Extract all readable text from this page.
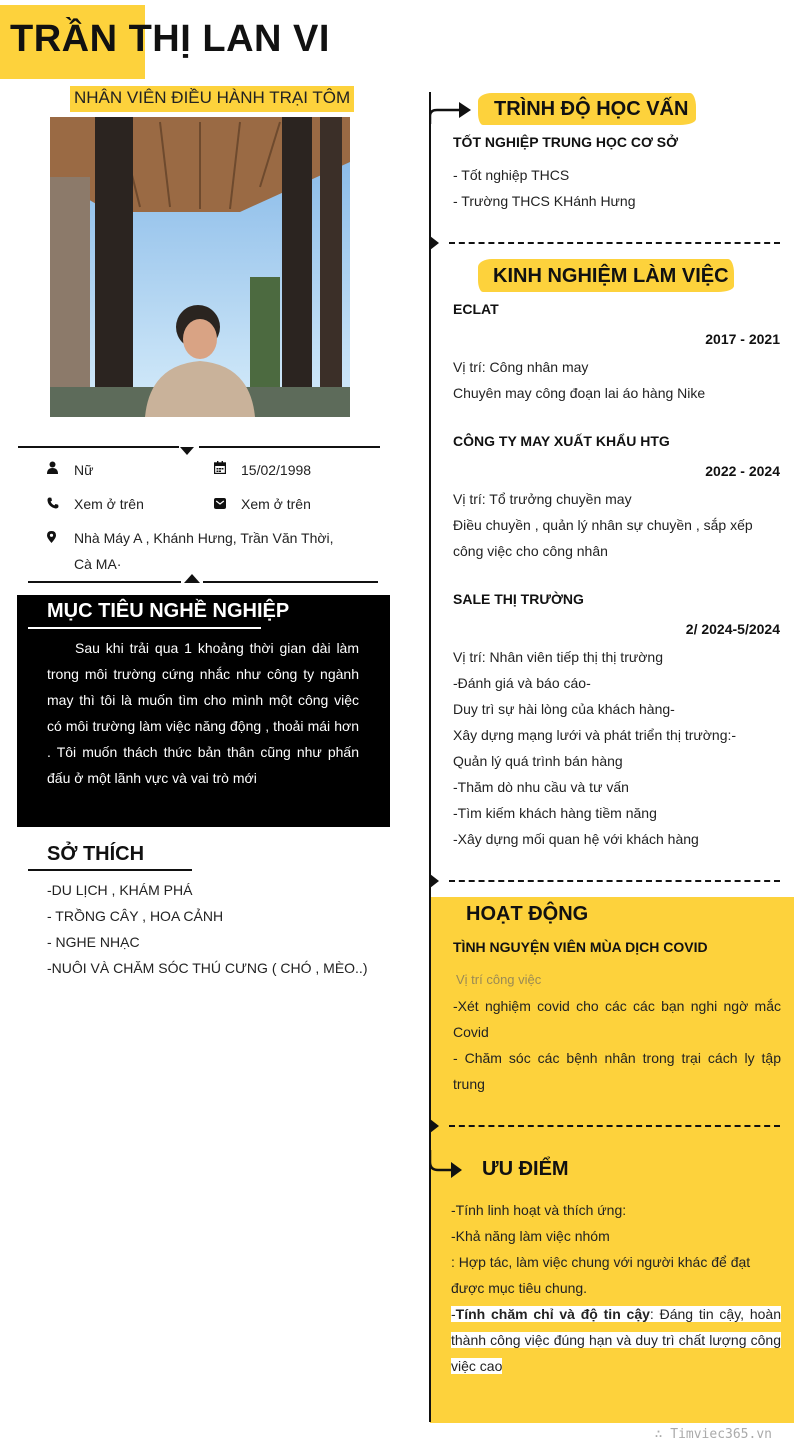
TRẦN THỊ LAN VI
NHÂN VIÊN ĐIỀU HÀNH TRẠI TÔM
Nữ	15/02/1998
Xem ở trên	Xem ở trên
Nhà Máy A , Khánh Hưng, Trần Văn Thời,
Cà MA·
MỤC TIÊU NGHỀ NGHIỆP
Sau khi trải qua 1 khoảng thời gian dài làm trong môi trường cứng nhắc như công ty ngành may thì tôi là muốn tìm cho mình một công việc có môi trường làm việc năng động , thoải mái hơn . Tôi muốn thách thức bản thân cũng như phấn đấu ở một lãnh vực và vai trò mới
SỞ THÍCH
-DU LỊCH , KHÁM PHÁ
- TRỒNG CÂY , HOA CẢNH
- NGHE NHẠC
-NUÔI VÀ CHĂM SÓC THÚ CƯNG ( CHÓ , MÈO..)
TRÌNH ĐỘ HỌC VẤN
TỐT NGHIỆP TRUNG HỌC CƠ SỞ
- Tốt nghiệp THCS
- Trường THCS KHánh Hưng
KINH NGHIỆM LÀM VIỆC
ECLAT
2017 - 2021
Vị trí: Công nhân may
Chuyên may công đoạn lai áo hàng Nike
CÔNG TY MAY XUẤT KHẨU HTG
2022 - 2024
Vị trí: Tổ trưởng chuyền may
Điều chuyền , quản lý nhân sự chuyền , sắp xếp công việc cho công nhân
SALE THỊ TRƯỜNG
2/ 2024-5/2024
Vị trí: Nhân viên tiếp thị thị trường
-Đánh giá và báo cáo-
Duy trì sự hài lòng của khách hàng-
Xây dựng mạng lưới và phát triển thị trường:-
Quản lý quá trình bán hàng
-Thăm dò nhu cầu và tư vấn
-Tìm kiếm khách hàng tiềm năng
-Xây dựng mối quan hệ với khách hàng
HOẠT ĐỘNG
TÌNH NGUYỆN VIÊN MÙA DỊCH COVID
Vị trí công việc
-Xét nghiệm covid cho các các bạn nghi ngờ mắc Covid
- Chăm sóc các bệnh nhân trong trại cách ly tập trung
ƯU ĐIỂM
-Tính linh hoạt và thích ứng:
-Khả năng làm việc nhóm
: Hợp tác, làm việc chung với người khác để đạt được mục tiêu chung.
-Tính chăm chỉ và độ tin cậy: Đáng tin cậy, hoàn thành công việc đúng hạn và duy trì chất lượng công việc cao
∴ Timviec365.vn
